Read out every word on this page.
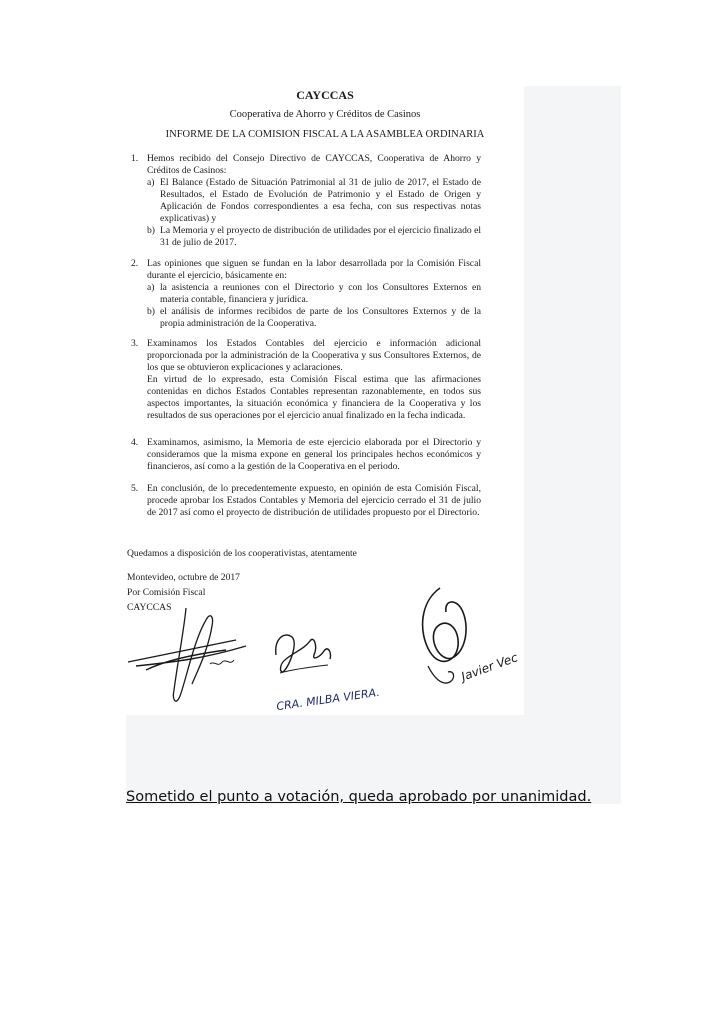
CAYCCAS
Cooperativa de Ahorro y Créditos de Casinos
INFORME DE LA COMISION FISCAL A LA ASAMBLEA ORDINARIA
1. Hemos recibido del Consejo Directivo de CAYCCAS, Cooperativa de Ahorro y Créditos de Casinos:
a) El Balance (Estado de Situación Patrimonial al 31 de julio de 2017, el Estado de Resultados, el Estado de Evolución de Patrimonio y el Estado de Origen y Aplicación de Fondos correspondientes a esa fecha, con sus respectivas notas explicativas) y
b) La Memoria y el proyecto de distribución de utilidades por el ejercicio finalizado el 31 de julio de 2017.
2. Las opiniones que siguen se fundan en la labor desarrollada por la Comisión Fiscal durante el ejercicio, básicamente en:
a) la asistencia a reuniones con el Directorio y con los Consultores Externos en materia contable, financiera y jurídica.
b) el análisis de informes recibidos de parte de los Consultores Externos y de la propia administración de la Cooperativa.
3. Examinamos los Estados Contables del ejercicio e información adicional proporcionada por la administración de la Cooperativa y sus Consultores Externos, de los que se obtuvieron explicaciones y aclaraciones.
En virtud de lo expresado, esta Comisión Fiscal estima que las afirmaciones contenidas en dichos Estados Contables representan razonablemente, en todos sus aspectos importantes, la situación económica y financiera de la Cooperativa y los resultados de sus operaciones por el ejercicio anual finalizado en la fecha indicada.
4. Examinamos, asimismo, la Memoria de este ejercicio elaborada por el Directorio y consideramos que la misma expone en general los principales hechos económicos y financieros, así como a la gestión de la Cooperativa en el periodo.
5. En conclusión, de lo precedentemente expuesto, en opinión de esta Comisión Fiscal, procede aprobar los Estados Contables y Memoria del ejercicio cerrado el 31 de julio de 2017 así como el proyecto de distribución de utilidades propuesto por el Directorio.
Quedamos a disposición de los cooperativistas, atentamente
Montevideo, octubre de 2017
Por Comisión Fiscal
CAYCCAS
CRA. MILBA VIERA.
Javier Vec
Sometido el punto a votación, queda aprobado por unanimidad.
